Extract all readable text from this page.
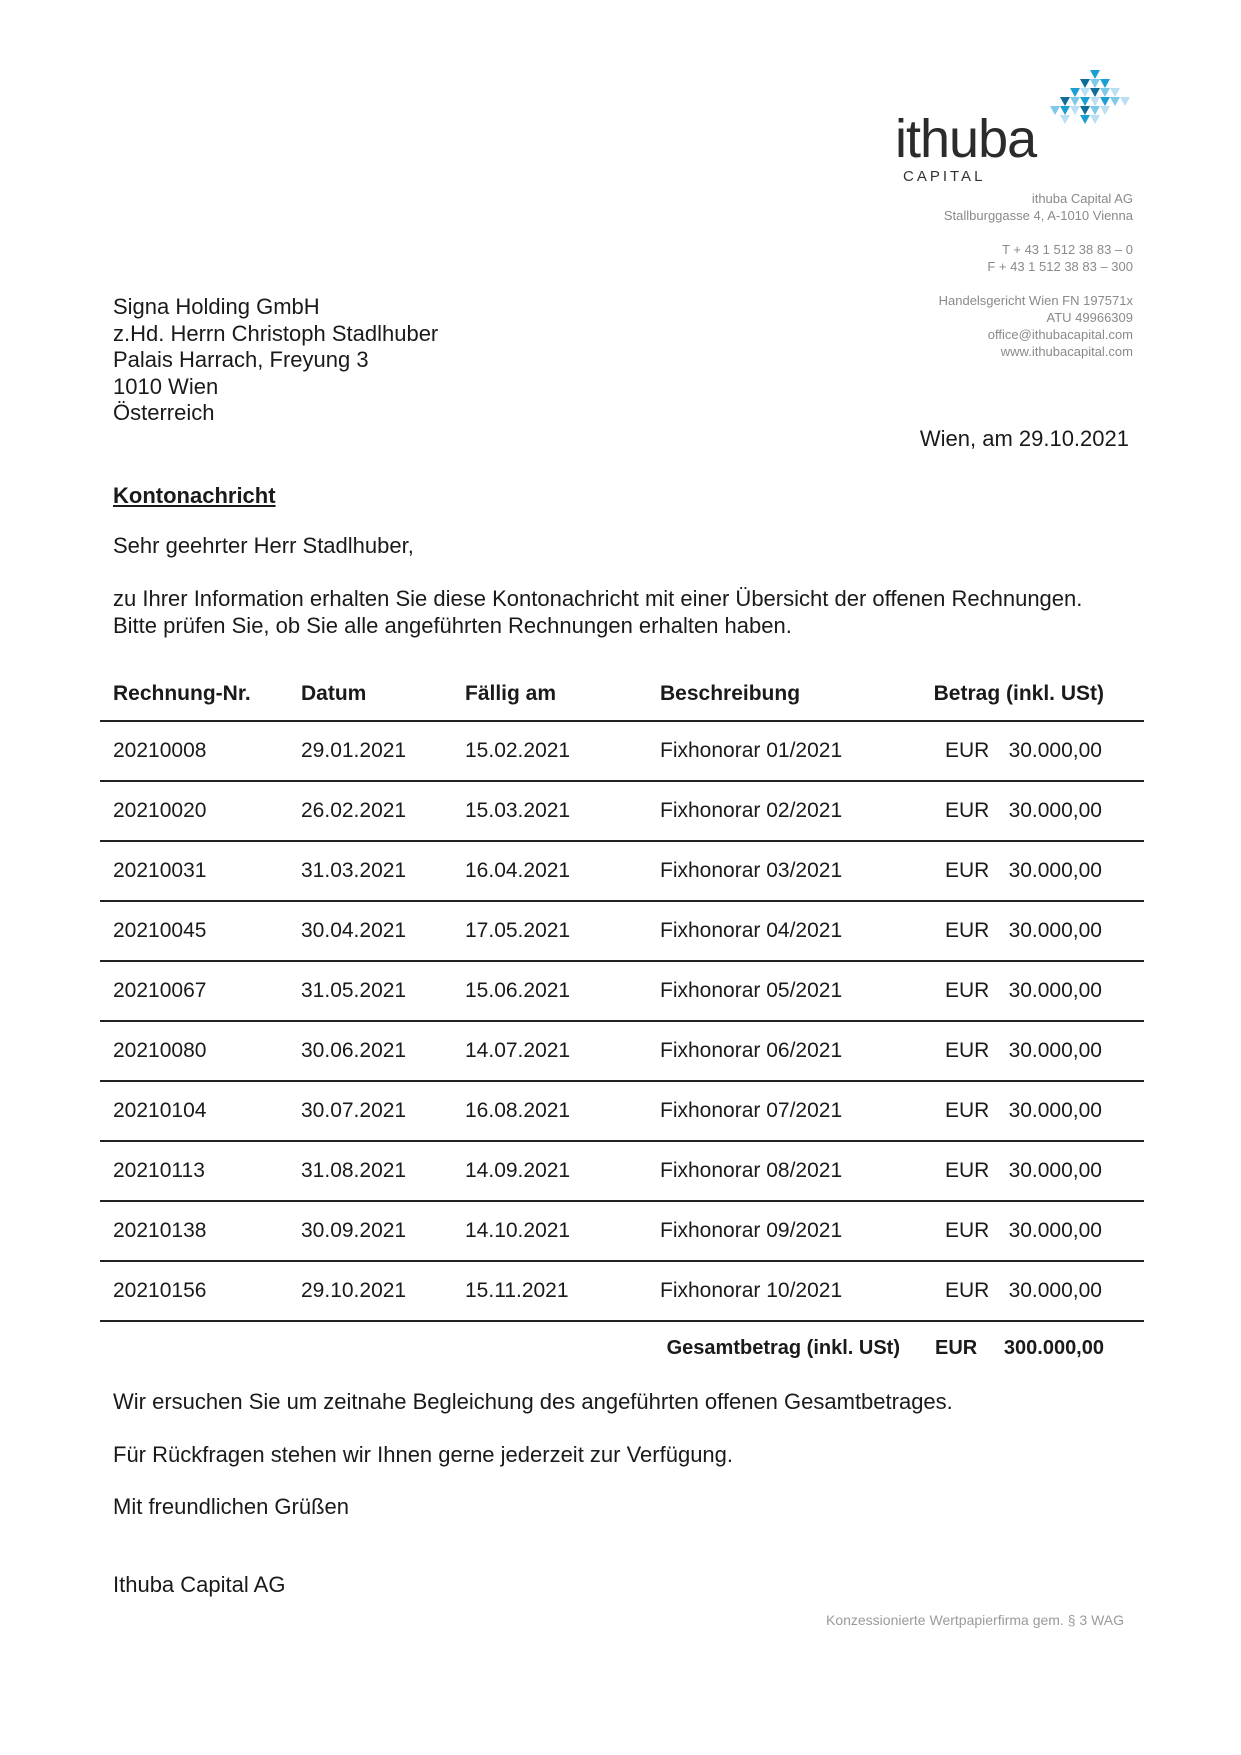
ithuba
CAPITAL
ithuba Capital AG
Stallburggasse 4, A-1010 Vienna
T + 43 1 512 38 83 – 0
F + 43 1 512 38 83 – 300
Handelsgericht Wien FN 197571x
ATU 49966309
office@ithubacapital.com
www.ithubacapital.com
Signa Holding GmbH
z.Hd. Herrn Christoph Stadlhuber
Palais Harrach, Freyung 3
1010 Wien
Österreich
Wien, am 29.10.2021
Kontonachricht
Sehr geehrter Herr Stadlhuber,
zu Ihrer Information erhalten Sie diese Kontonachricht mit einer Übersicht der offenen Rechnungen.
Bitte prüfen Sie, ob Sie alle angeführten Rechnungen erhalten haben.
Rechnung-Nr. Datum	Fällig am	Beschreibung	Betrag (inkl. USt)
20210008	29.01.2021	15.02.2021	Fixhonorar 01/2021	EUR 30.000,00
20210020	26.02.2021	15.03.2021	Fixhonorar 02/2021	EUR 30.000,00
20210031	31.03.2021	16.04.2021	Fixhonorar 03/2021	EUR 30.000,00
20210045	30.04.2021	17.05.2021	Fixhonorar 04/2021	EUR 30.000,00
20210067	31.05.2021	15.06.2021	Fixhonorar 05/2021	EUR 30.000,00
20210080	30.06.2021	14.07.2021	Fixhonorar 06/2021	EUR 30.000,00
20210104	30.07.2021	16.08.2021	Fixhonorar 07/2021	EUR 30.000,00
20210113	31.08.2021	14.09.2021	Fixhonorar 08/2021	EUR 30.000,00
20210138	30.09.2021	14.10.2021	Fixhonorar 09/2021	EUR 30.000,00
20210156	29.10.2021	15.11.2021	Fixhonorar 10/2021	EUR 30.000,00
Gesamtbetrag (inkl. USt) EUR 300.000,00
Wir ersuchen Sie um zeitnahe Begleichung des angeführten offenen Gesamtbetrages.
Für Rückfragen stehen wir Ihnen gerne jederzeit zur Verfügung.
Mit freundlichen Grüßen
Ithuba Capital AG
Konzessionierte Wertpapierfirma gem. § 3 WAG
